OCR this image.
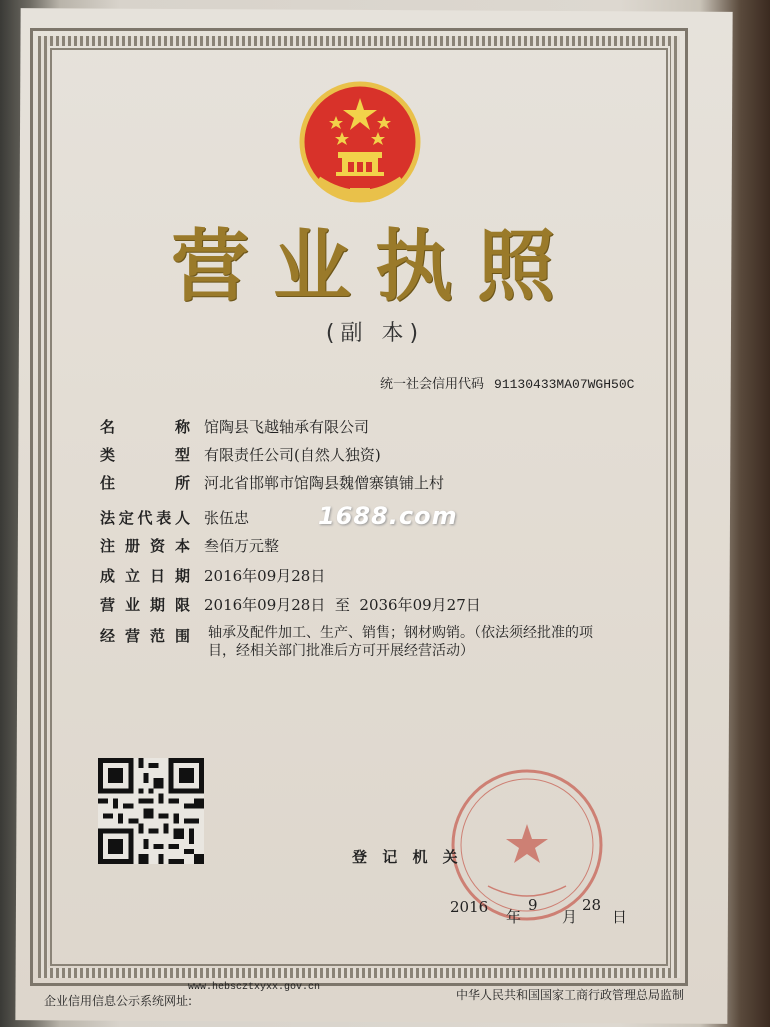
营业执照
(副 本)
统一社会信用代码 91130433MA07WGH50C
名称 馆陶县飞越轴承有限公司
类型 有限责任公司(自然人独资)
住所 河北省邯郸市馆陶县魏僧寨镇铺上村
法定代表人 张伍忠
注册资本 叁佰万元整
成立日期 2016年09月28日
营业期限 2016年09月28日  至  2036年09月27日
经营范围 轴承及配件加工、生产、销售；钢材购销。（依法须经批准的项目，经相关部门批准后方可开展经营活动）
1688.com
登 记 机 关
2016
年
9
月
28
日
企业信用信息公示系统网址:
www.hebscztxyxx.gov.cn
中华人民共和国国家工商行政管理总局监制
